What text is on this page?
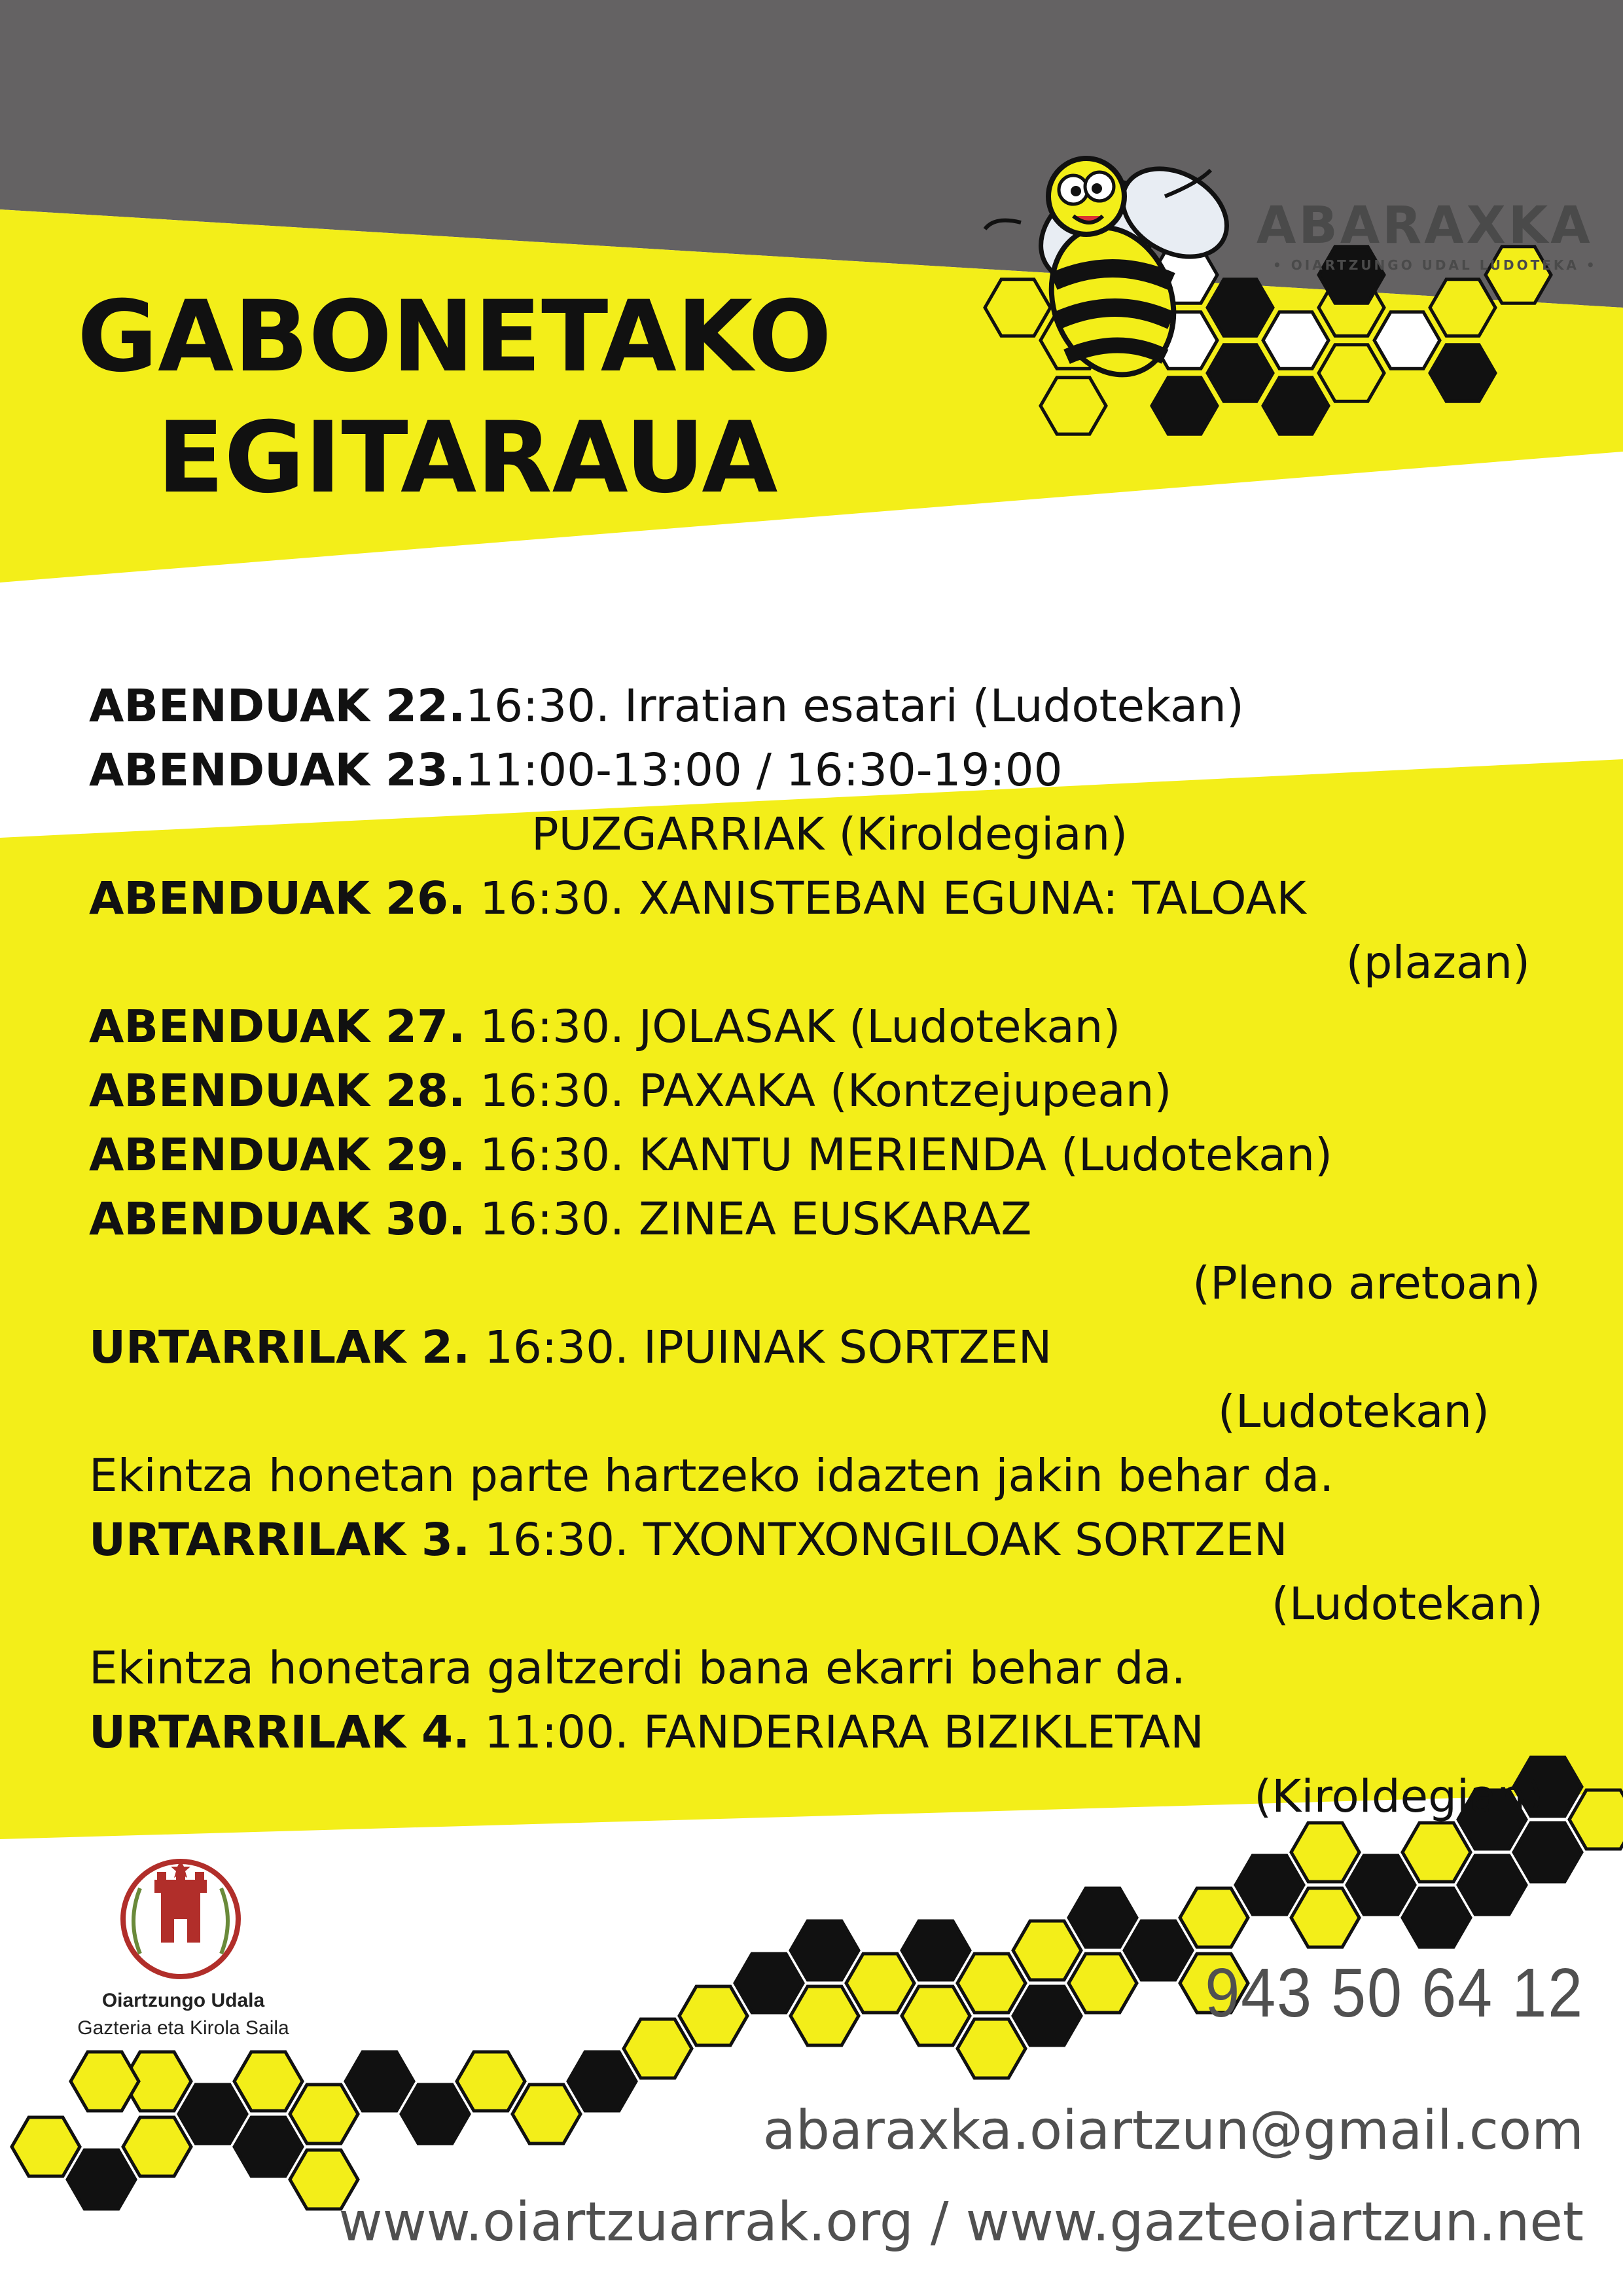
GABONETAKO
EGITARAUA
ABARAXKA
• OIARTZUNGO UDAL LUDOTEKA •
ABENDUAK 22.16:30. Irratian esatari (Ludotekan)
ABENDUAK 23.11:00-13:00 / 16:30-19:00
PUZGARRIAK (Kiroldegian)
ABENDUAK 26. 16:30. XANISTEBAN EGUNA: TALOAK
(plazan)
ABENDUAK 27. 16:30. JOLASAK (Ludotekan)
ABENDUAK 28. 16:30. PAXAKA (Kontzejupean)
ABENDUAK 29. 16:30. KANTU MERIENDA (Ludotekan)
ABENDUAK 30. 16:30. ZINEA EUSKARAZ
(Pleno aretoan)
URTARRILAK 2. 16:30. IPUINAK SORTZEN
(Ludotekan)
Ekintza honetan parte hartzeko idazten jakin behar da.
URTARRILAK 3. 16:30. TXONTXONGILOAK SORTZEN
(Ludotekan)
Ekintza honetara galtzerdi bana ekarri behar da.
URTARRILAK 4. 11:00. FANDERIARA BIZIKLETAN
(Kiroldegian)
Oiartzungo Udala
Gazteria eta Kirola Saila	943 50 64 12
abaraxka.oiartzun@gmail.com
www.oiartzuarrak.org / www.gazteoiartzun.net
